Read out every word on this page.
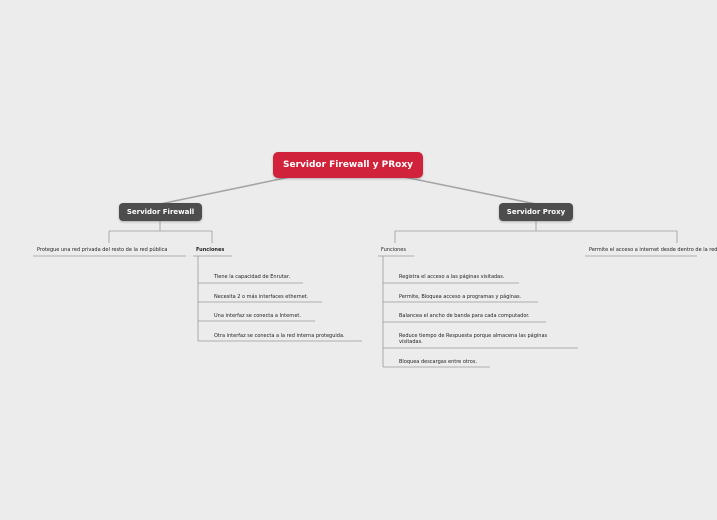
Servidor Firewall y PRoxy
Servidor Firewall	Servidor Proxy
Protegue una red privada del resto de la red pública	Funciones
Tiene la capacidad de Enrutar.
Necesita 2 o más interfaces ethernet.
Una interfaz se conecta a Internet.
Otra interfaz se conecta a la red interna proteguida.
Funciones	Permite el acceso a internet desde dentro de la red
Registra el acceso a las páginas visitadas.
Permite, Bloquea acceso a programas y páginas.
Balancea el ancho de banda para cada computador.
Reduce tiempo de Respuesta porque almacena las páginas visitadas.
Bloquea descargas entre otros.
